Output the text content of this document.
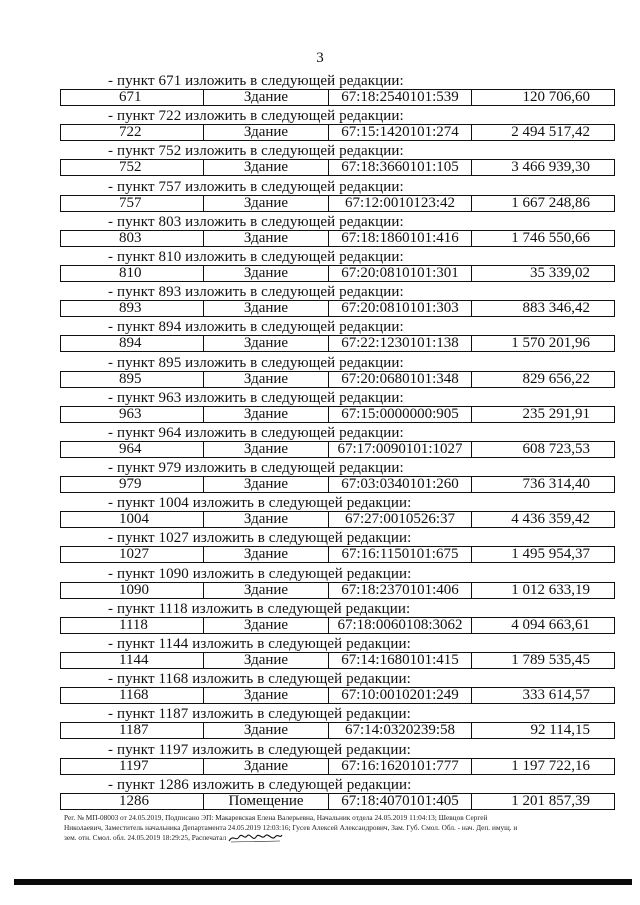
3
- пункт 671 изложить в следующей редакции:
671	Здание	67:18:2540101:539	120 706,60
- пункт 722 изложить в следующей редакции:
722	Здание	67:15:1420101:274	2 494 517,42
- пункт 752 изложить в следующей редакции:
752	Здание	67:18:3660101:105	3 466 939,30
- пункт 757 изложить в следующей редакции:
757	Здание	67:12:0010123:42	1 667 248,86
- пункт 803 изложить в следующей редакции:
803	Здание	67:18:1860101:416	1 746 550,66
- пункт 810 изложить в следующей редакции:
810	Здание	67:20:0810101:301	35 339,02
- пункт 893 изложить в следующей редакции:
893	Здание	67:20:0810101:303	883 346,42
- пункт 894 изложить в следующей редакции:
894	Здание	67:22:1230101:138	1 570 201,96
- пункт 895 изложить в следующей редакции:
895	Здание	67:20:0680101:348	829 656,22
- пункт 963 изложить в следующей редакции:
963	Здание	67:15:0000000:905	235 291,91
- пункт 964 изложить в следующей редакции:
964	Здание	67:17:0090101:1027	608 723,53
- пункт 979 изложить в следующей редакции:
979	Здание	67:03:0340101:260	736 314,40
- пункт 1004 изложить в следующей редакции:
1004	Здание	67:27:0010526:37	4 436 359,42
- пункт 1027 изложить в следующей редакции:
1027	Здание	67:16:1150101:675	1 495 954,37
- пункт 1090 изложить в следующей редакции:
1090	Здание	67:18:2370101:406	1 012 633,19
- пункт 1118 изложить в следующей редакции:
1118	Здание	67:18:0060108:3062	4 094 663,61
- пункт 1144 изложить в следующей редакции:
1144	Здание	67:14:1680101:415	1 789 535,45
- пункт 1168 изложить в следующей редакции:
1168	Здание	67:10:0010201:249	333 614,57
- пункт 1187 изложить в следующей редакции:
1187	Здание	67:14:0320239:58	92 114,15
- пункт 1197 изложить в следующей редакции:
1197	Здание	67:16:1620101:777	1 197 722,16
- пункт 1286 изложить в следующей редакции:
1286	Помещение	67:18:4070101:405	1 201 857,39
Рег. № МП-08003 от 24.05.2019, Подписано ЭП: Макаревская Елена Валерьевна, Начальник отдела 24.05.2019 11:04:13; Шевцов Сергей
Николаевич, Заместитель начальника Департамента 24.05.2019 12:03:16; Гусев Алексей Александрович, Зам. Губ. Смол. Обл. - нач. Деп. имущ. и
зем. отн. Смол. обл. 24.05.2019 18:29:25, Распечатал
